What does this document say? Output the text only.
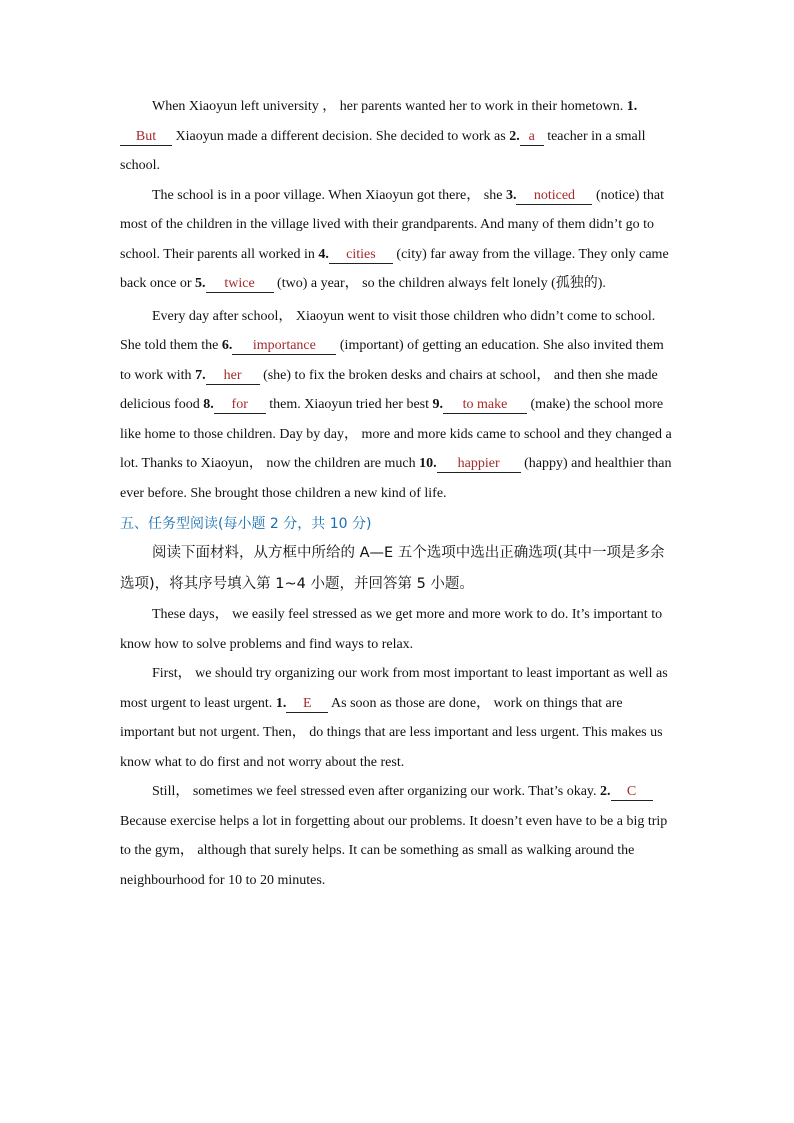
When Xiaoyun left university ， her parents wanted her to work in their hometown. 1.But Xiaoyun made a different decision. She decided to work as 2. a teacher in a small school.

The school is in a poor village. When Xiaoyun got there， she 3. noticed (notice) that most of the children in the village lived with their grandparents. And many of them didn’t go to school. Their parents all worked in 4. cities (city) far away from the village. They only came back once or 5. twice (two) a year， so the children always felt lonely (孤独的).

Every day after school， Xiaoyun went to visit those children who didn’t come to school. She told them the 6. importance (important) of getting an education. She also invited them to work with 7. her (she) to fix the broken desks and chairs at school， and then she made delicious food 8. for them. Xiaoyun tried her best 9. to make (make) the school more like home to those children. Day by day， more and more kids came to school and they changed a lot. Thanks to Xiaoyun， now the children are much 10. happier (happy) and healthier than ever before. She brought those children a new kind of life.

五、任务型阅读(每小题 2 分，共 10 分)

阅读下面材料，从方框中所给的 A—E 五个选项中选出正确选项(其中一项是多余选项)，将其序号填入第 1~4 小题，并回答第 5 小题。

These days， we easily feel stressed as we get more and more work to do. It’s important to know how to solve problems and find ways to relax.

First， we should try organizing our work from most important to least important as well as most urgent to least urgent. 1. E As soon as those are done， work on things that are important but not urgent. Then， do things that are less important and less urgent. This makes us know what to do first and not worry about the rest.

Still， sometimes we feel stressed even after organizing our work. That’s okay. 2. C Because exercise helps a lot in forgetting about our problems. It doesn’t even have to be a big trip to the gym， although that surely helps. It can be something as small as walking around the neighbourhood for 10 to 20 minutes.
